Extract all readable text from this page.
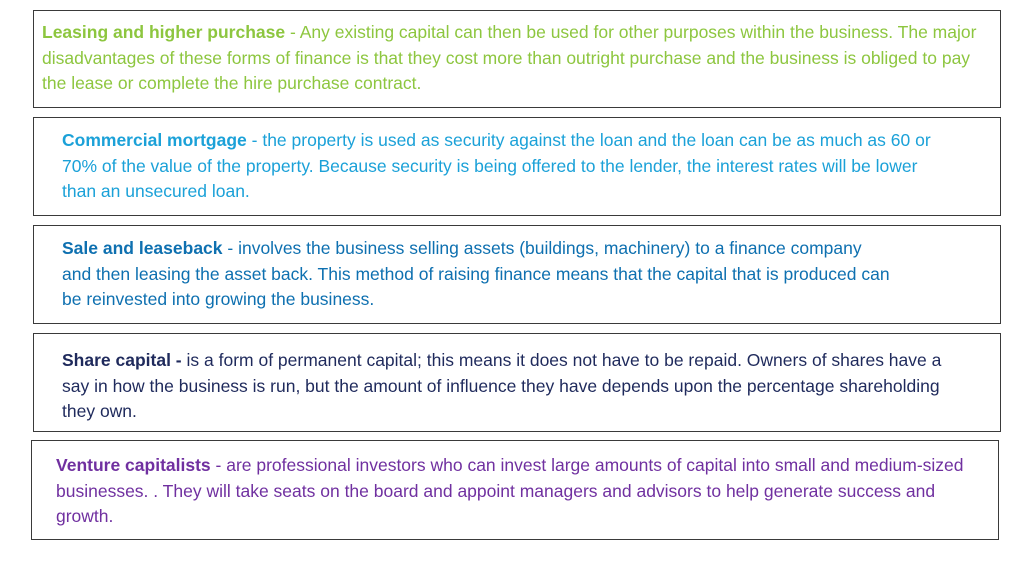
Leasing and higher purchase - Any existing capital can then be used for other purposes within the business. The major disadvantages of these forms of finance is that they cost more than outright purchase and the business is obliged to pay the lease or complete the hire purchase contract.

Commercial mortgage - the property is used as security against the loan and the loan can be as much as 60 or 70% of the value of the property. Because security is being offered to the lender, the interest rates will be lower than an unsecured loan.

Sale and leaseback - involves the business selling assets (buildings, machinery) to a finance company and then leasing the asset back. This method of raising finance means that the capital that is produced can be reinvested into growing the business.

Share capital - is a form of permanent capital; this means it does not have to be repaid. Owners of shares have a say in how the business is run, but the amount of influence they have depends upon the percentage shareholding they own.

Venture capitalists - are professional investors who can invest large amounts of capital into small and medium-sized businesses. . They will take seats on the board and appoint managers and advisors to help generate success and growth.
